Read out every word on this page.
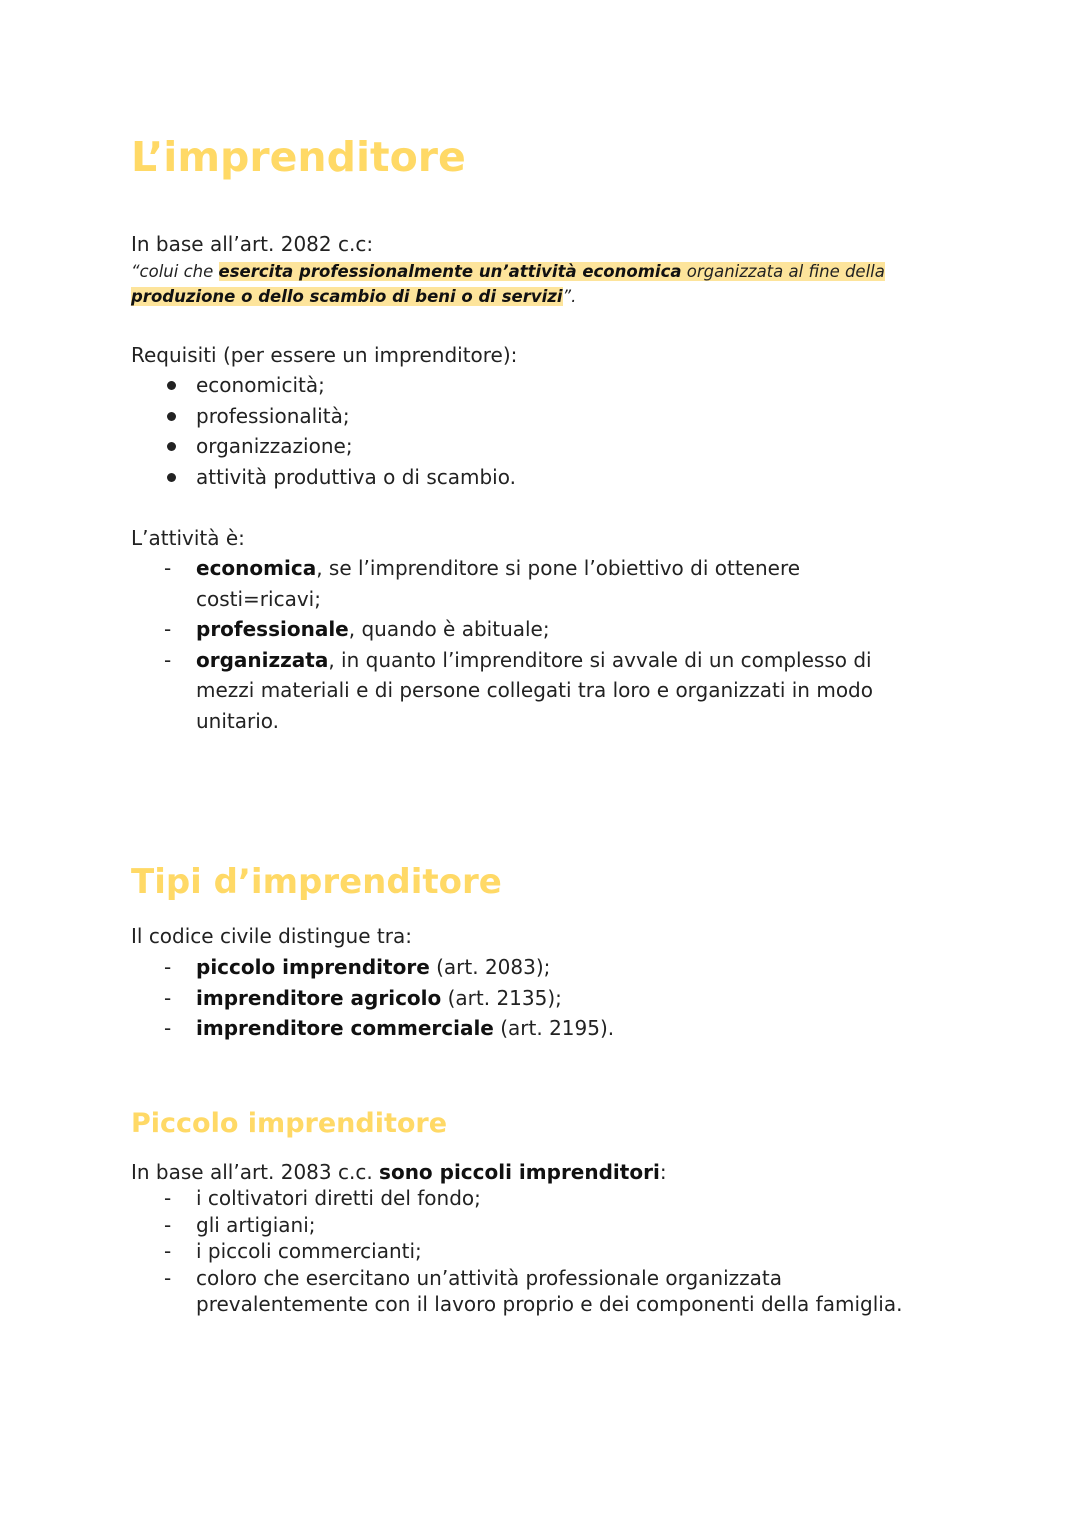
L’imprenditore

In base all’art. 2082 c.c:

“colui che esercita professionalmente un’attività economica organizzata al fine della
produzione o dello scambio di beni o di servizi”.

Requisiti (per essere un imprenditore):

economicità;
professionalità;
organizzazione;
attività produttiva o di scambio.

L’attività è:

-	economica, se l’imprenditore si pone l’obiettivo di ottenere costi=ricavi;
-	professionale, quando è abituale;
-	organizzata, in quanto l’imprenditore si avvale di un complesso di mezzi materiali e di persone collegati tra loro e organizzati in modo unitario.
Tipi d’imprenditore

Il codice civile distingue tra:

-	piccolo imprenditore (art. 2083);
-	imprenditore agricolo (art. 2135);
-	imprenditore commerciale (art. 2195).
Piccolo imprenditore

In base all’art. 2083 c.c. sono piccoli imprenditori:

-	i coltivatori diretti del fondo;
-	gli artigiani;
-	i piccoli commercianti;
-	coloro che esercitano un’attività professionale organizzata prevalentemente con il lavoro proprio e dei componenti della famiglia.
